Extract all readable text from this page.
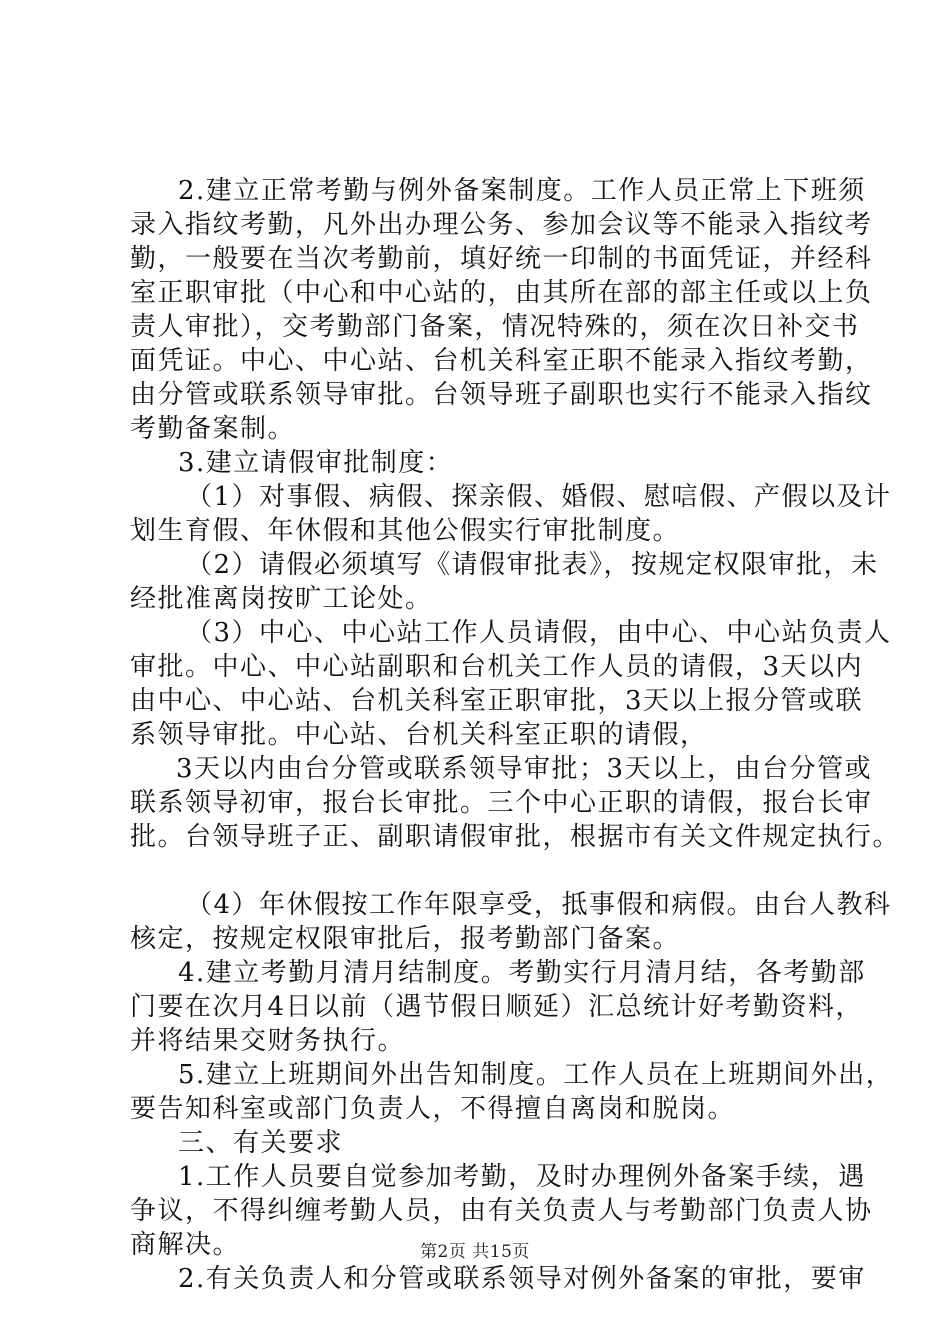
2.建立正常考勤与例外备案制度。工作人员正常上下班须
录入指纹考勤，凡外出办理公务、参加会议等不能录入指纹考
勤，一般要在当次考勤前，填好统一印制的书面凭证，并经科
室正职审批（中心和中心站的，由其所在部的部主任或以上负
责人审批），交考勤部门备案，情况特殊的，须在次日补交书
面凭证。中心、中心站、台机关科室正职不能录入指纹考勤，
由分管或联系领导审批。台领导班子副职也实行不能录入指纹
考勤备案制。
3.建立请假审批制度：
（1）对事假、病假、探亲假、婚假、慰唁假、产假以及计
划生育假、年休假和其他公假实行审批制度。
（2）请假必须填写《请假审批表》，按规定权限审批，未
经批准离岗按旷工论处。
（3）中心、中心站工作人员请假，由中心、中心站负责人
审批。中心、中心站副职和台机关工作人员的请假，3天以内
由中心、中心站、台机关科室正职审批，3天以上报分管或联
系领导审批。中心站、台机关科室正职的请假，
3天以内由台分管或联系领导审批；3天以上，由台分管或
联系领导初审，报台长审批。三个中心正职的请假，报台长审
批。台领导班子正、副职请假审批，根据市有关文件规定执行。
（4）年休假按工作年限享受，抵事假和病假。由台人教科
核定，按规定权限审批后，报考勤部门备案。
4.建立考勤月清月结制度。考勤实行月清月结，各考勤部
门要在次月4日以前（遇节假日顺延）汇总统计好考勤资料，
并将结果交财务执行。
5.建立上班期间外出告知制度。工作人员在上班期间外出，
要告知科室或部门负责人，不得擅自离岗和脱岗。
三、有关要求
1.工作人员要自觉参加考勤，及时办理例外备案手续，遇
争议，不得纠缠考勤人员，由有关负责人与考勤部门负责人协
商解决。
2.有关负责人和分管或联系领导对例外备案的审批，要审
第2页 共15页
